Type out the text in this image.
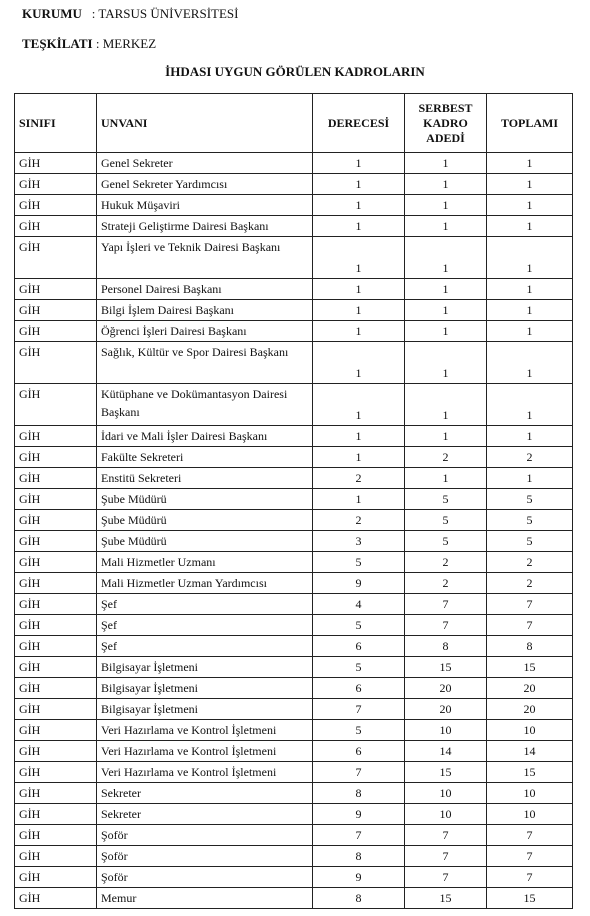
KURUMU : TARSUS ÜNİVERSİTESİ
TEŞKİLATI : MERKEZ
İHDASI UYGUN GÖRÜLEN KADROLARIN
SINIFI	UNVANI	DERECESİ	SERBEST KADRO ADEDİ	TOPLAMI
GİH	Genel Sekreter	1	1	1
GİH	Genel Sekreter Yardımcısı	1	1	1
GİH	Hukuk Müşaviri	1	1	1
GİH	Strateji Geliştirme Dairesi Başkanı	1	1	1
GİH	Yapı İşleri ve Teknik Dairesi Başkanı	1	1	1
GİH	Personel Dairesi Başkanı	1	1	1
GİH	Bilgi İşlem Dairesi Başkanı	1	1	1
GİH	Öğrenci İşleri Dairesi Başkanı	1	1	1
GİH	Sağlık, Kültür ve Spor Dairesi Başkanı	1	1	1
GİH	Kütüphane ve Dokümantasyon Dairesi Başkanı	1	1	1
GİH	İdari ve Mali İşler Dairesi Başkanı	1	1	1
GİH	Fakülte Sekreteri	1	2	2
GİH	Enstitü Sekreteri	2	1	1
GİH	Şube Müdürü	1	5	5
GİH	Şube Müdürü	2	5	5
GİH	Şube Müdürü	3	5	5
GİH	Mali Hizmetler Uzmanı	5	2	2
GİH	Mali Hizmetler Uzman Yardımcısı	9	2	2
GİH	Şef	4	7	7
GİH	Şef	5	7	7
GİH	Şef	6	8	8
GİH	Bilgisayar İşletmeni	5	15	15
GİH	Bilgisayar İşletmeni	6	20	20
GİH	Bilgisayar İşletmeni	7	20	20
GİH	Veri Hazırlama ve Kontrol İşletmeni	5	10	10
GİH	Veri Hazırlama ve Kontrol İşletmeni	6	14	14
GİH	Veri Hazırlama ve Kontrol İşletmeni	7	15	15
GİH	Sekreter	8	10	10
GİH	Sekreter	9	10	10
GİH	Şoför	7	7	7
GİH	Şoför	8	7	7
GİH	Şoför	9	7	7
GİH	Memur	8	15	15
